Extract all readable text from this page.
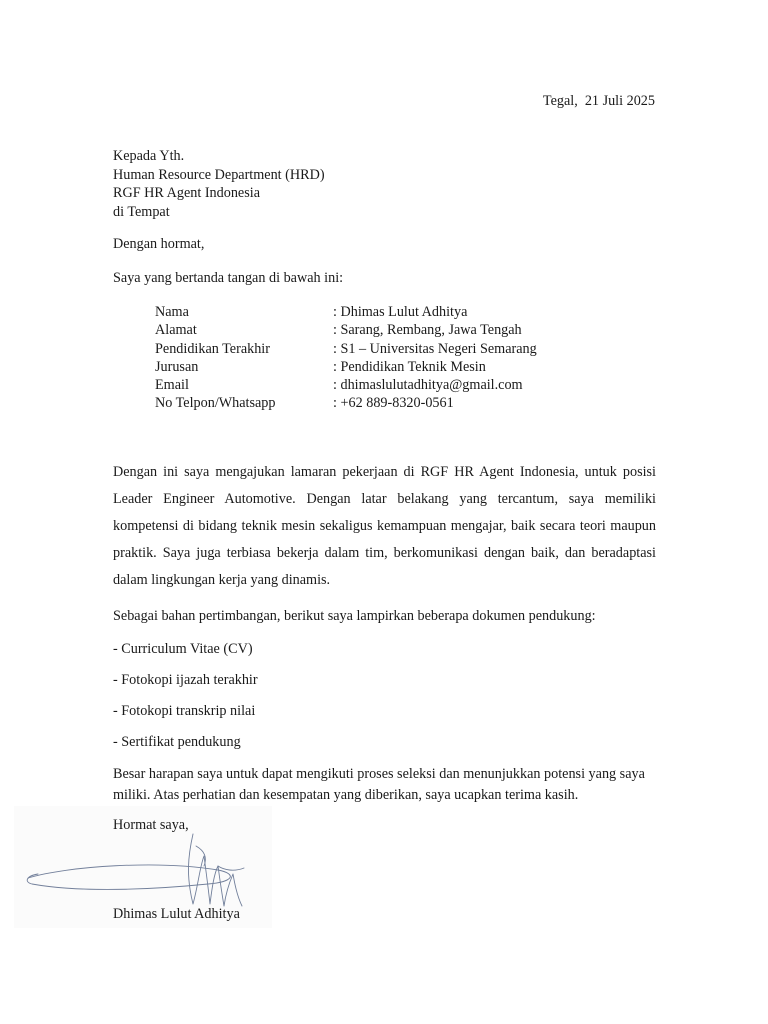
Tegal,  21 Juli 2025
Kepada Yth.
Human Resource Department (HRD)
RGF HR Agent Indonesia
di Tempat
Dengan hormat,
Saya yang bertanda tangan di bawah ini:
Nama	: Dhimas Lulut Adhitya
Alamat	: Sarang, Rembang, Jawa Tengah
Pendidikan Terakhir	: S1 – Universitas Negeri Semarang
Jurusan	: Pendidikan Teknik Mesin
Email	: dhimaslulutadhitya@gmail.com
No Telpon/Whatsapp	: +62 889-8320-0561
Dengan ini saya mengajukan lamaran pekerjaan di RGF HR Agent Indonesia, untuk posisi Leader Engineer Automotive. Dengan latar belakang yang tercantum, saya memiliki kompetensi di bidang teknik mesin sekaligus kemampuan mengajar, baik secara teori maupun praktik. Saya juga terbiasa bekerja dalam tim, berkomunikasi dengan baik, dan beradaptasi dalam lingkungan kerja yang dinamis.
Sebagai bahan pertimbangan, berikut saya lampirkan beberapa dokumen pendukung:
- Curriculum Vitae (CV)
- Fotokopi ijazah terakhir
- Fotokopi transkrip nilai
- Sertifikat pendukung
Besar harapan saya untuk dapat mengikuti proses seleksi dan menunjukkan potensi yang saya miliki. Atas perhatian dan kesempatan yang diberikan, saya ucapkan terima kasih.
Hormat saya,
Dhimas Lulut Adhitya
